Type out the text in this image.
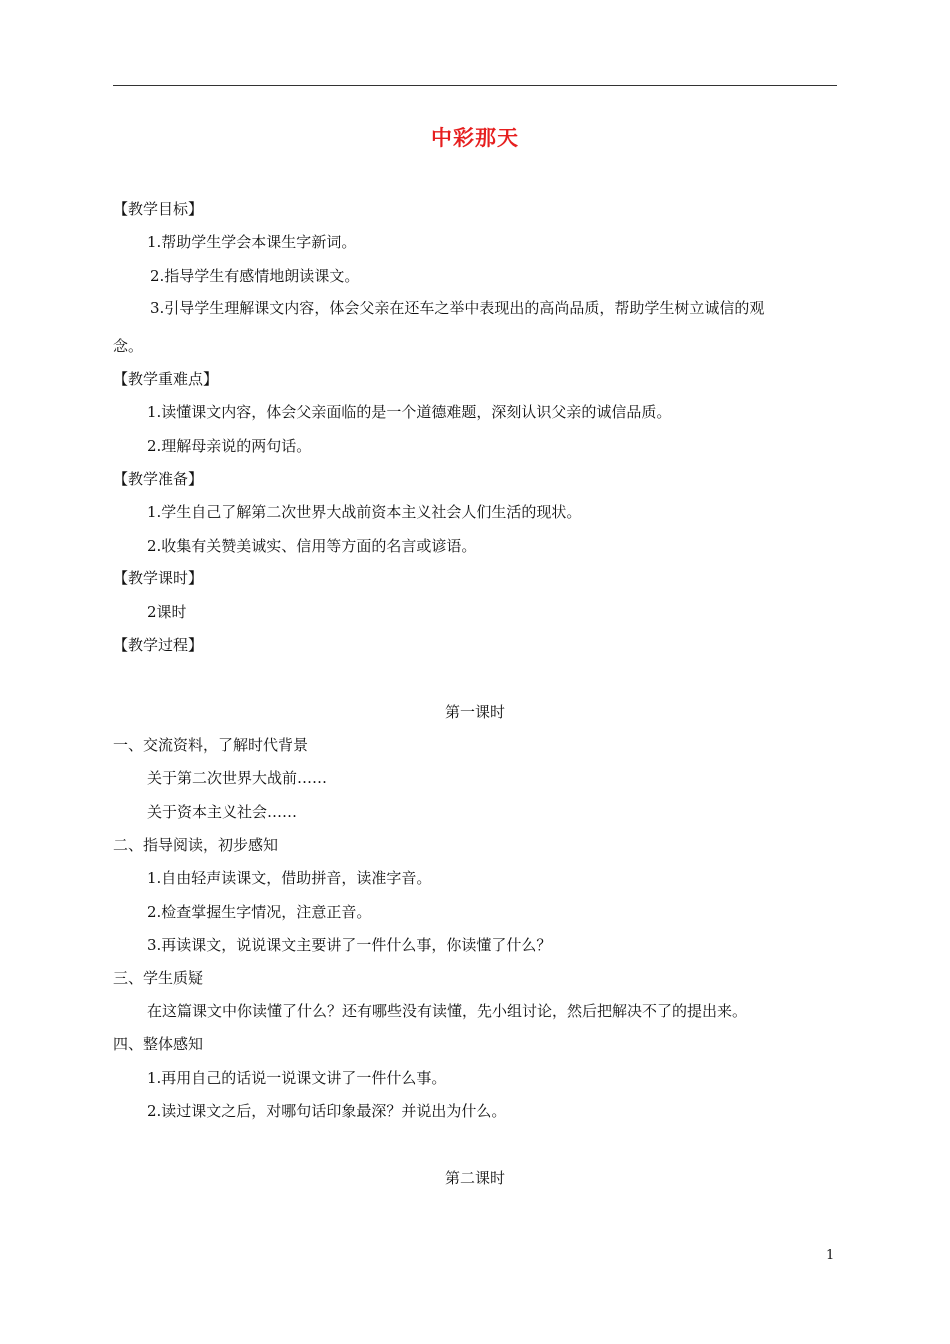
中彩那天
【教学目标】
1.帮助学生学会本课生字新词。
2.指导学生有感情地朗读课文。
3.引导学生理解课文内容，体会父亲在还车之举中表现出的高尚品质，帮助学生树立诚信的观
念。
【教学重难点】
1.读懂课文内容，体会父亲面临的是一个道德难题，深刻认识父亲的诚信品质。
2.理解母亲说的两句话。
【教学准备】
1.学生自己了解第二次世界大战前资本主义社会人们生活的现状。
2.收集有关赞美诚实、信用等方面的名言或谚语。
【教学课时】
2课时
【教学过程】
第一课时
一、交流资料，了解时代背景
关于第二次世界大战前……
关于资本主义社会……
二、指导阅读，初步感知
1.自由轻声读课文，借助拼音，读准字音。
2.检查掌握生字情况，注意正音。
3.再读课文，说说课文主要讲了一件什么事，你读懂了什么？
三、学生质疑
在这篇课文中你读懂了什么？还有哪些没有读懂，先小组讨论，然后把解决不了的提出来。
四、整体感知
1.再用自己的话说一说课文讲了一件什么事。
2.读过课文之后，对哪句话印象最深？并说出为什么。
第二课时
1
